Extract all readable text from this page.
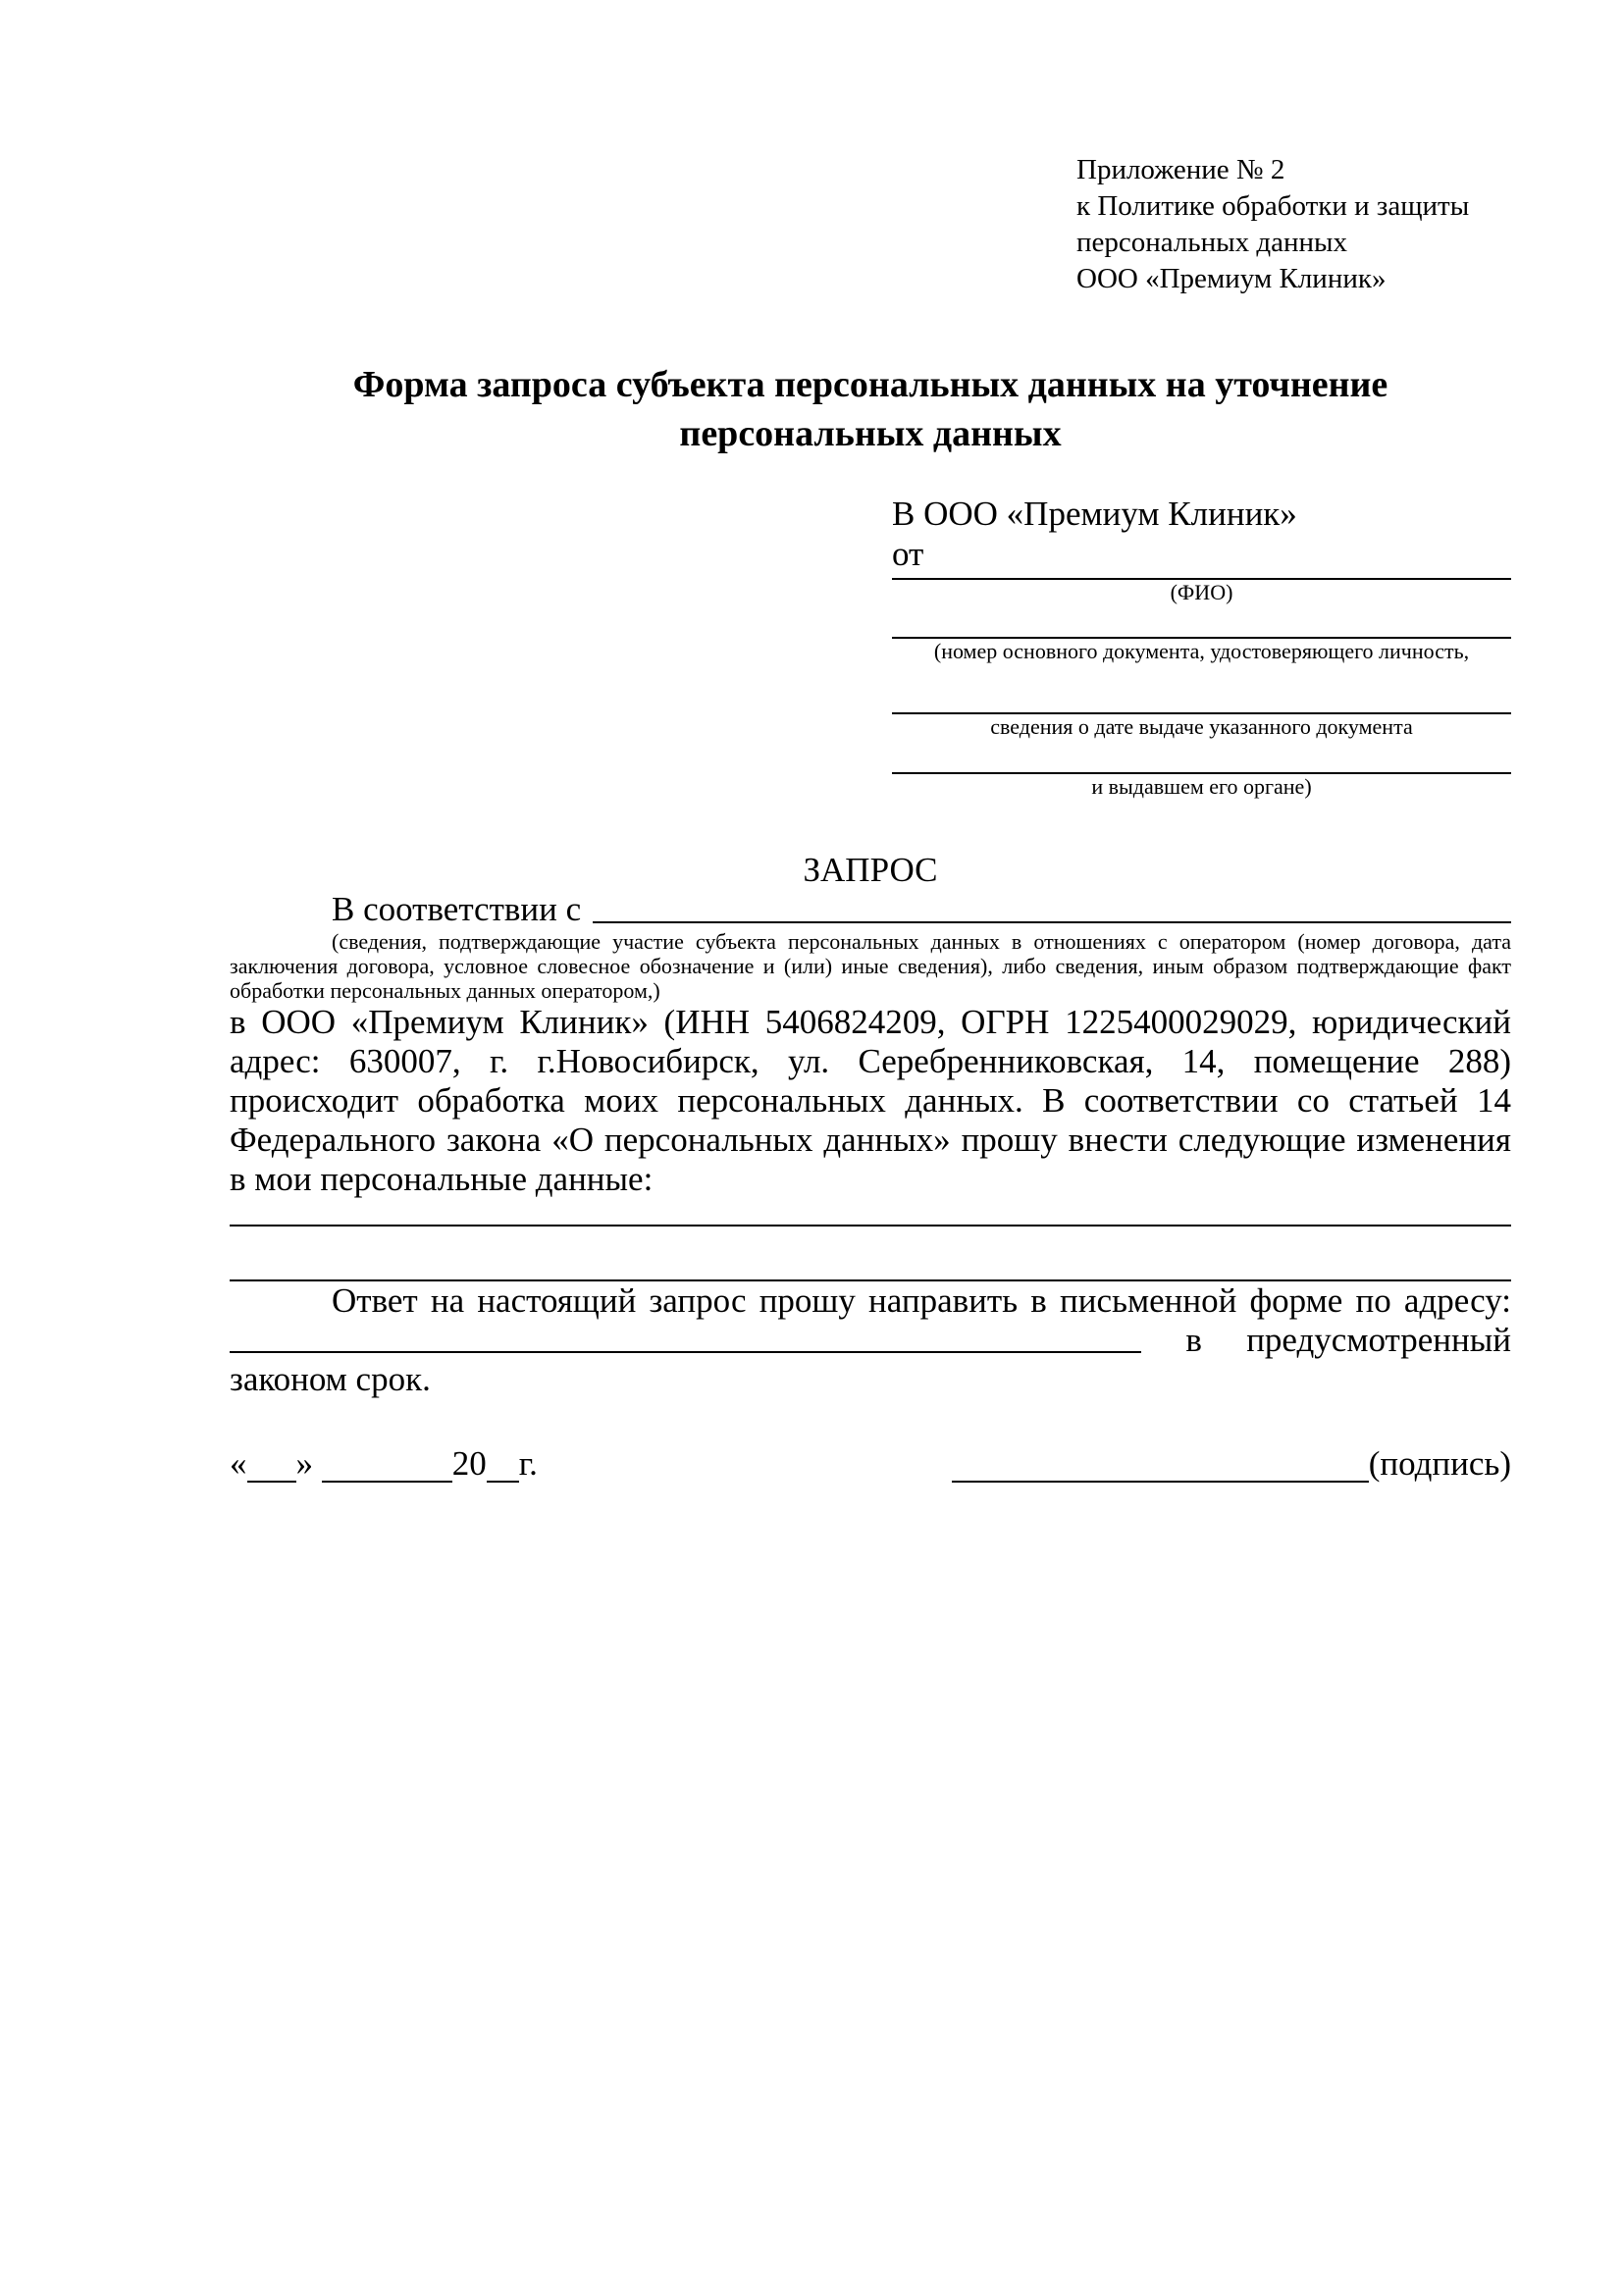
Приложение № 2
к Политике обработки и защиты
персональных данных
ООО «Премиум Клиник»
Форма запроса субъекта персональных данных на уточнение персональных данных
В ООО «Премиум Клиник»
от
(ФИО)
(номер основного документа, удостоверяющего личность,
сведения о дате выдаче указанного документа
и выдавшем его органе)
ЗАПРОС
В соответствии с
(сведения, подтверждающие участие субъекта персональных данных в отношениях с оператором (номер договора, дата заключения договора, условное словесное обозначение и (или) иные сведения), либо сведения, иным образом подтверждающие факт обработки персональных данных оператором,)
в ООО «Премиум Клиник» (ИНН 5406824209, ОГРН 1225400029029, юридический адрес: 630007, г. г.Новосибирск, ул. Серебренниковская, 14, помещение 288) происходит обработка моих персональных данных. В соответствии со статьей 14 Федерального закона «О персональных данных» прошу внести следующие изменения в мои персональные данные:

Ответ на настоящий запрос прошу направить в письменной форме по адресу:

в предусмотренный
законом срок.
« »	20 г.	(подпись)
